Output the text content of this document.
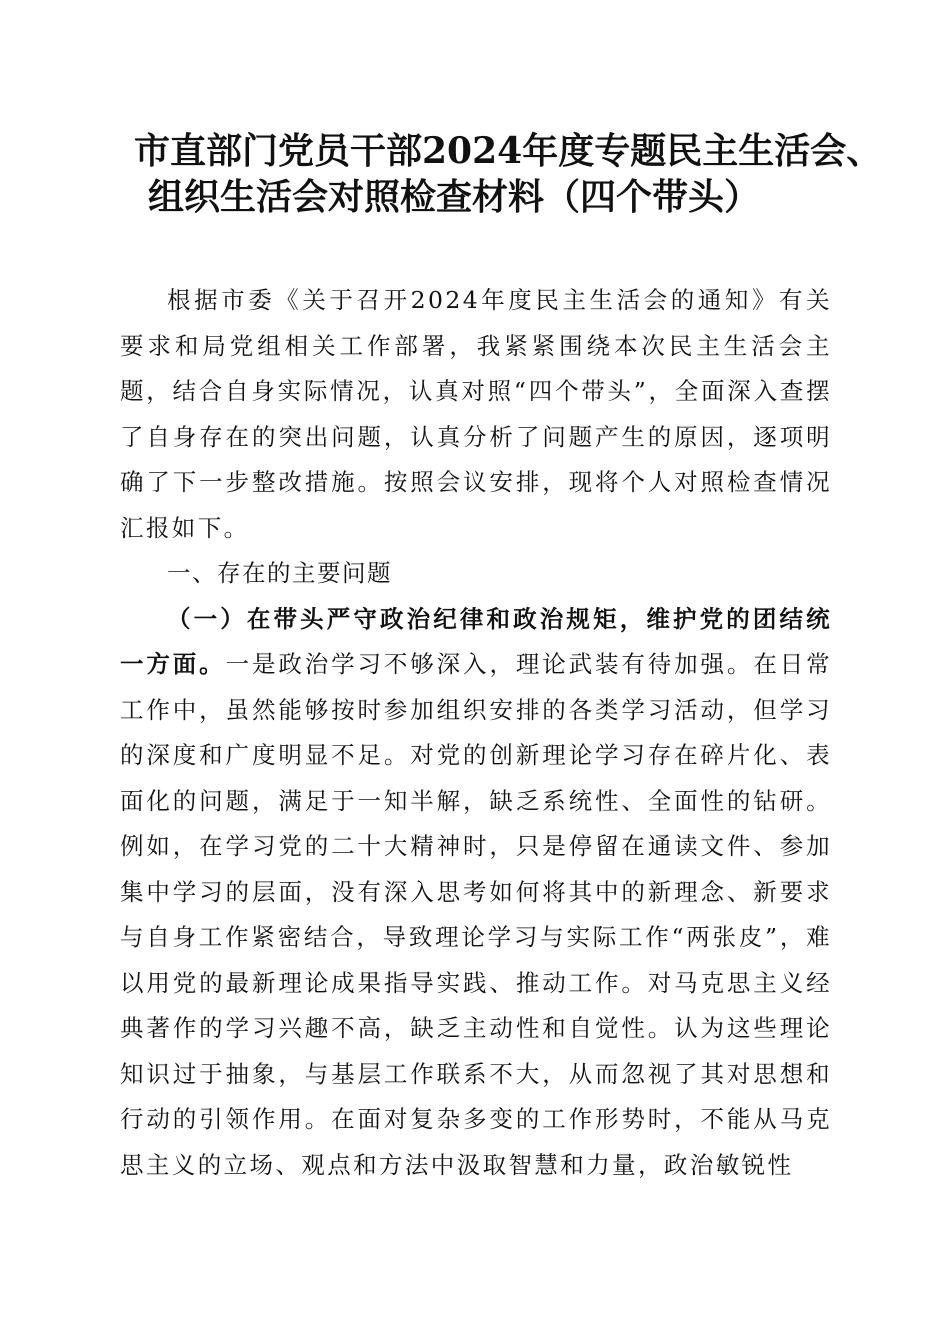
市直部门党员干部2024年度专题民主生活会、
组织生活会对照检查材料（四个带头）

根据市委《关于召开2024年度民主生活会的通知》有关要求和局党组相关工作部署，我紧紧围绕本次民主生活会主题，结合自身实际情况，认真对照“四个带头”，全面深入查摆了自身存在的突出问题，认真分析了问题产生的原因，逐项明确了下一步整改措施。按照会议安排，现将个人对照检查情况汇报如下。

一、存在的主要问题

（一）在带头严守政治纪律和政治规矩，维护党的团结统一方面。一是政治学习不够深入，理论武装有待加强。在日常工作中，虽然能够按时参加组织安排的各类学习活动，但学习的深度和广度明显不足。对党的创新理论学习存在碎片化、表面化的问题，满足于一知半解，缺乏系统性、全面性的钻研。例如，在学习党的二十大精神时，只是停留在通读文件、参加集中学习的层面，没有深入思考如何将其中的新理念、新要求与自身工作紧密结合，导致理论学习与实际工作“两张皮”，难以用党的最新理论成果指导实践、推动工作。对马克思主义经典著作的学习兴趣不高，缺乏主动性和自觉性。认为这些理论知识过于抽象，与基层工作联系不大，从而忽视了其对思想和行动的引领作用。在面对复杂多变的工作形势时，不能从马克思主义的立场、观点和方法中汲取智慧和力量，政治敏锐性
